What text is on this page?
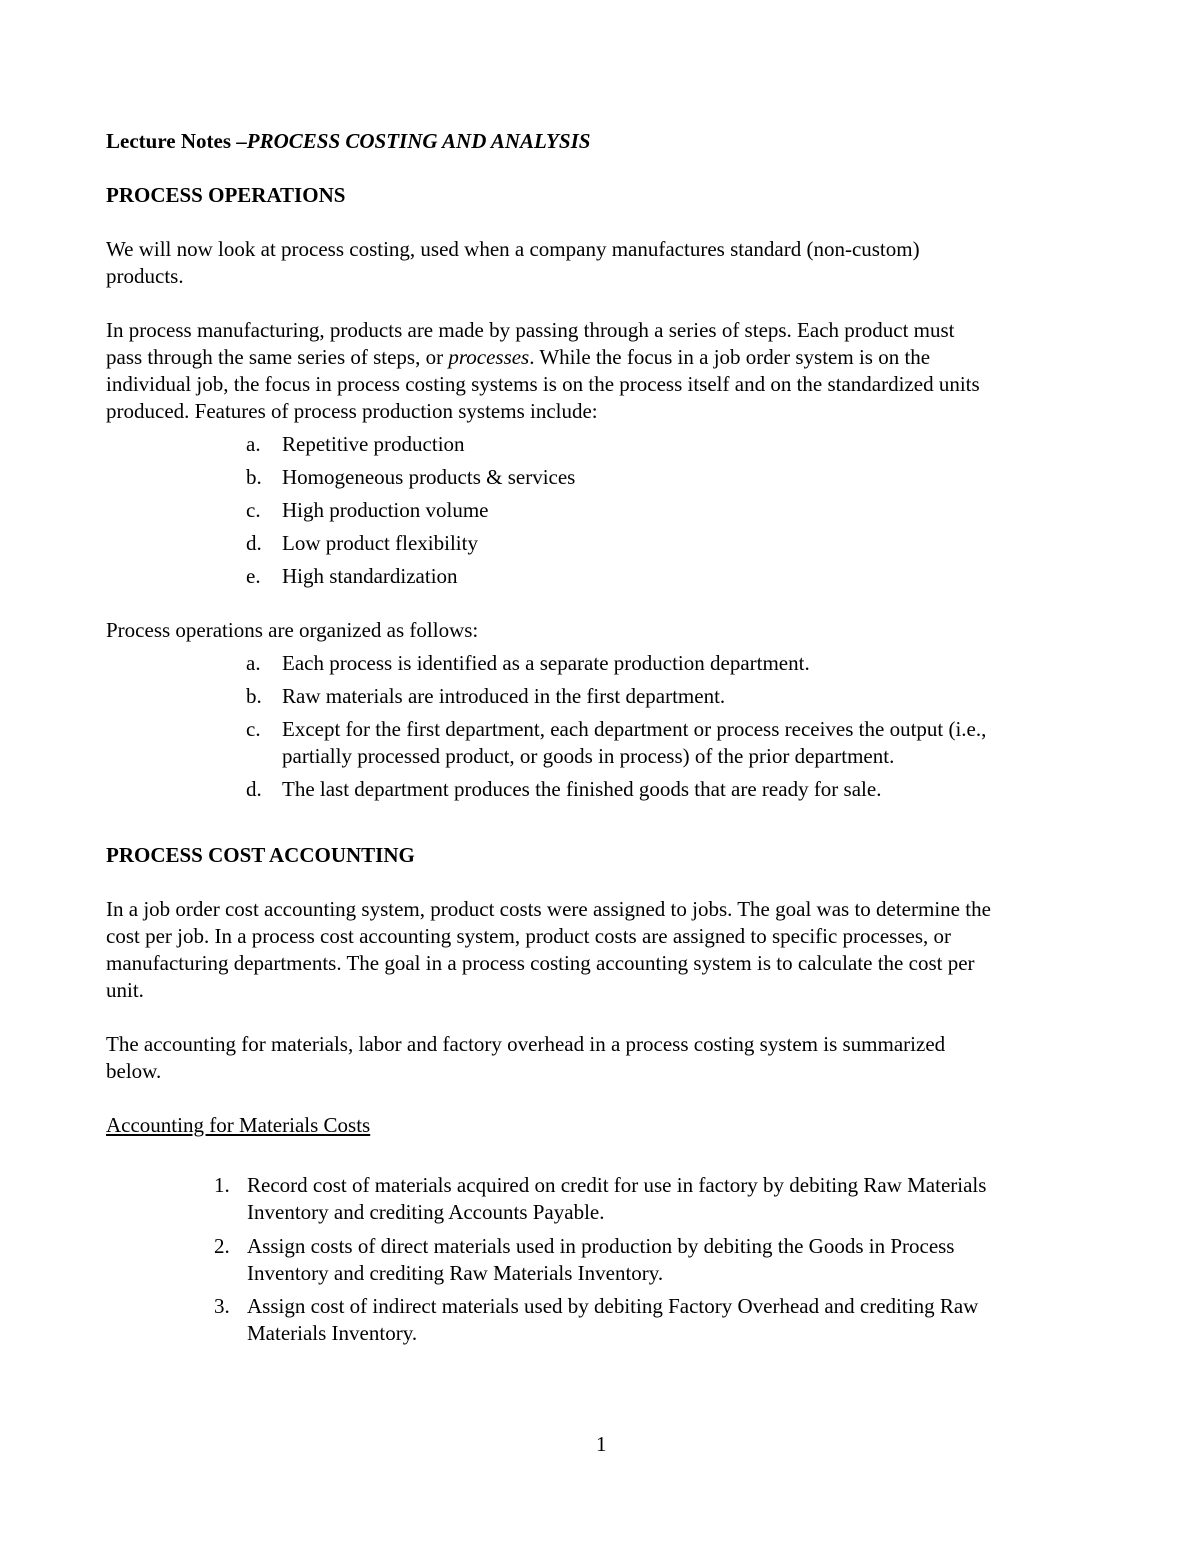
Lecture Notes –PROCESS COSTING AND ANALYSIS
PROCESS OPERATIONS
We will now look at process costing, used when a company manufactures standard (non-custom)
products.
In process manufacturing, products are made by passing through a series of steps. Each product must
pass through the same series of steps, or processes. While the focus in a job order system is on the
individual job, the focus in process costing systems is on the process itself and on the standardized units
produced. Features of process production systems include:
a. Repetitive production
b. Homogeneous products & services
c. High production volume
d. Low product flexibility
e. High standardization
Process operations are organized as follows:
a. Each process is identified as a separate production department.
b. Raw materials are introduced in the first department.
c. Except for the first department, each department or process receives the output (i.e.,
partially processed product, or goods in process) of the prior department.
d. The last department produces the finished goods that are ready for sale.
PROCESS COST ACCOUNTING
In a job order cost accounting system, product costs were assigned to jobs. The goal was to determine the
cost per job. In a process cost accounting system, product costs are assigned to specific processes, or
manufacturing departments. The goal in a process costing accounting system is to calculate the cost per
unit.
The accounting for materials, labor and factory overhead in a process costing system is summarized
below.
Accounting for Materials Costs
1. Record cost of materials acquired on credit for use in factory by debiting Raw Materials
Inventory and crediting Accounts Payable.
2. Assign costs of direct materials used in production by debiting the Goods in Process
Inventory and crediting Raw Materials Inventory.
3. Assign cost of indirect materials used by debiting Factory Overhead and crediting Raw
Materials Inventory.
1
